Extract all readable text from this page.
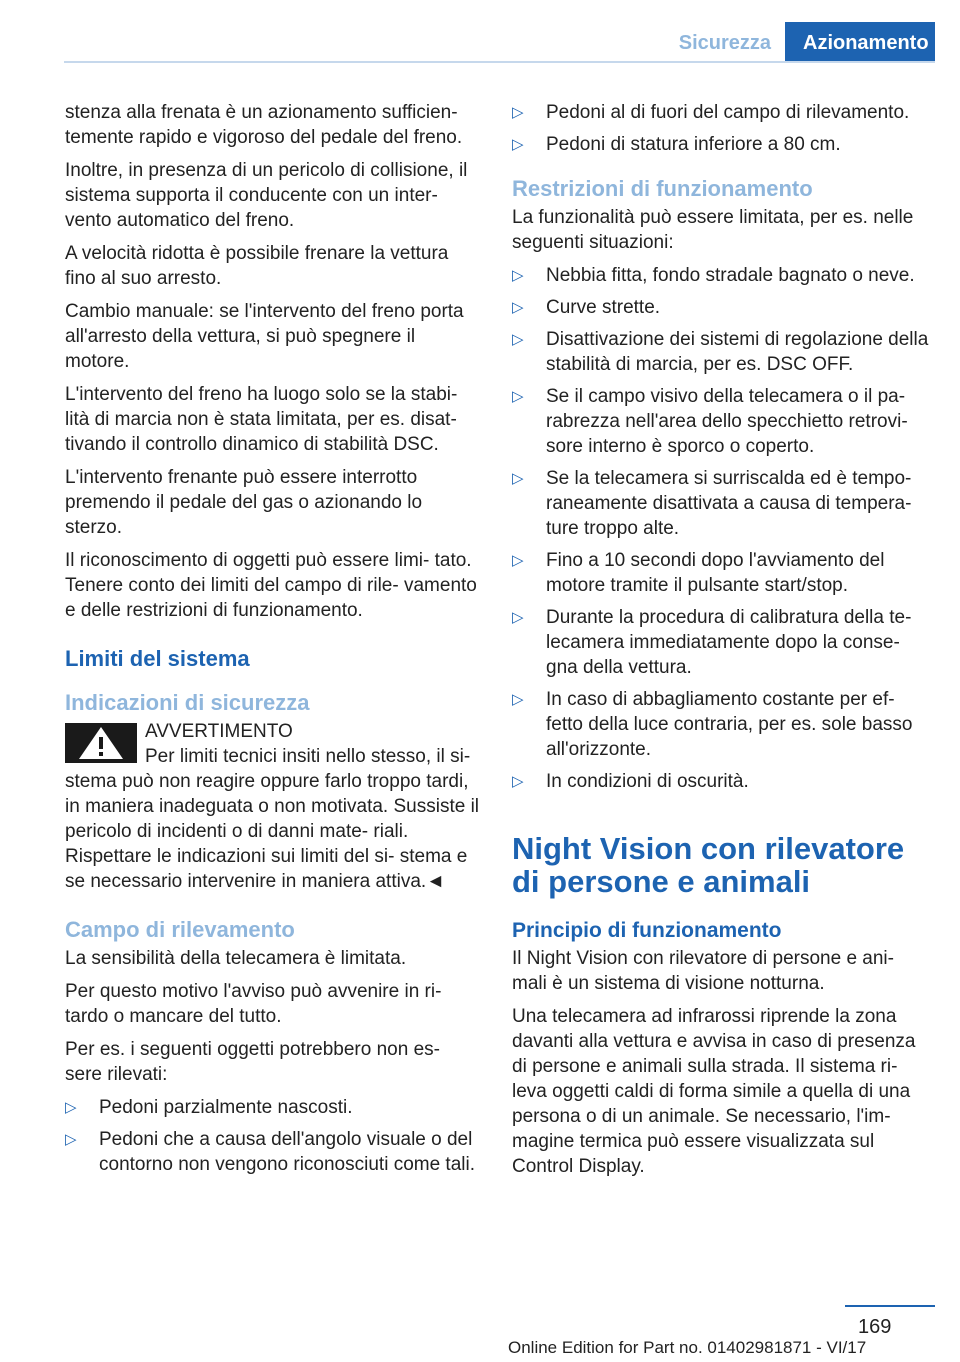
Sicurezza	Azionamento

stenza alla frenata è un azionamento sufficien‐ temente rapido e vigoroso del pedale del freno.

Inoltre, in presenza di un pericolo di collisione, il sistema supporta il conducente con un inter‐ vento automatico del freno.

A velocità ridotta è possibile frenare la vettura fino al suo arresto.

Cambio manuale: se l'intervento del freno porta all'arresto della vettura, si può spegnere il motore.

L'intervento del freno ha luogo solo se la stabi‐ lità di marcia non è stata limitata, per es. disat‐ tivando il controllo dinamico di stabilità DSC.

L'intervento frenante può essere interrotto premendo il pedale del gas o azionando lo sterzo.

Il riconoscimento di oggetti può essere limi‐ tato. Tenere conto dei limiti del campo di rile‐ vamento e delle restrizioni di funzionamento.

Limiti del sistema
Indicazioni di sicurezza
AVVERTIMENTO
Per limiti tecnici insiti nello stesso, il si‐
stema può non reagire oppure farlo troppo tardi, in maniera inadeguata o non motivata. Sussiste il pericolo di incidenti o di danni mate‐ riali. Rispettare le indicazioni sui limiti del si‐ stema e se necessario intervenire in maniera attiva.◄
Campo di rilevamento

La sensibilità della telecamera è limitata.

Per questo motivo l'avviso può avvenire in ri‐ tardo o mancare del tutto.

Per es. i seguenti oggetti potrebbero non es‐ sere rilevati:

▷ Pedoni parzialmente nascosti.
▷ Pedoni che a causa dell'angolo visuale o del contorno non vengono riconosciuti come tali.
▷ Pedoni al di fuori del campo di rilevamento.
▷ Pedoni di statura inferiore a 80 cm.
Restrizioni di funzionamento

La funzionalità può essere limitata, per es. nelle seguenti situazioni:

▷ Nebbia fitta, fondo stradale bagnato o neve.
▷ Curve strette.
▷ Disattivazione dei sistemi di regolazione della stabilità di marcia, per es. DSC OFF.
▷ Se il campo visivo della telecamera o il pa‐ rabrezza nell'area dello specchietto retrovi‐ sore interno è sporco o coperto.
▷ Se la telecamera si surriscalda ed è tempo‐ raneamente disattivata a causa di tempera‐ ture troppo alte.
▷ Fino a 10 secondi dopo l'avviamento del motore tramite il pulsante start/stop.
▷ Durante la procedura di calibratura della te‐ lecamera immediatamente dopo la conse‐ gna della vettura.
▷ In caso di abbagliamento costante per ef‐ fetto della luce contraria, per es. sole basso all'orizzonte.
▷ In condizioni di oscurità.
Night Vision con rilevatore di persone e animali
Principio di funzionamento

Il Night Vision con rilevatore di persone e ani‐ mali è un sistema di visione notturna.

Una telecamera ad infrarossi riprende la zona davanti alla vettura e avvisa in caso di presenza di persone e animali sulla strada. Il sistema ri‐ leva oggetti caldi di forma simile a quella di una persona o di un animale. Se necessario, l'im‐ magine termica può essere visualizzata sul Control Display.

169
Online Edition for Part no. 01402981871 - VI/17
